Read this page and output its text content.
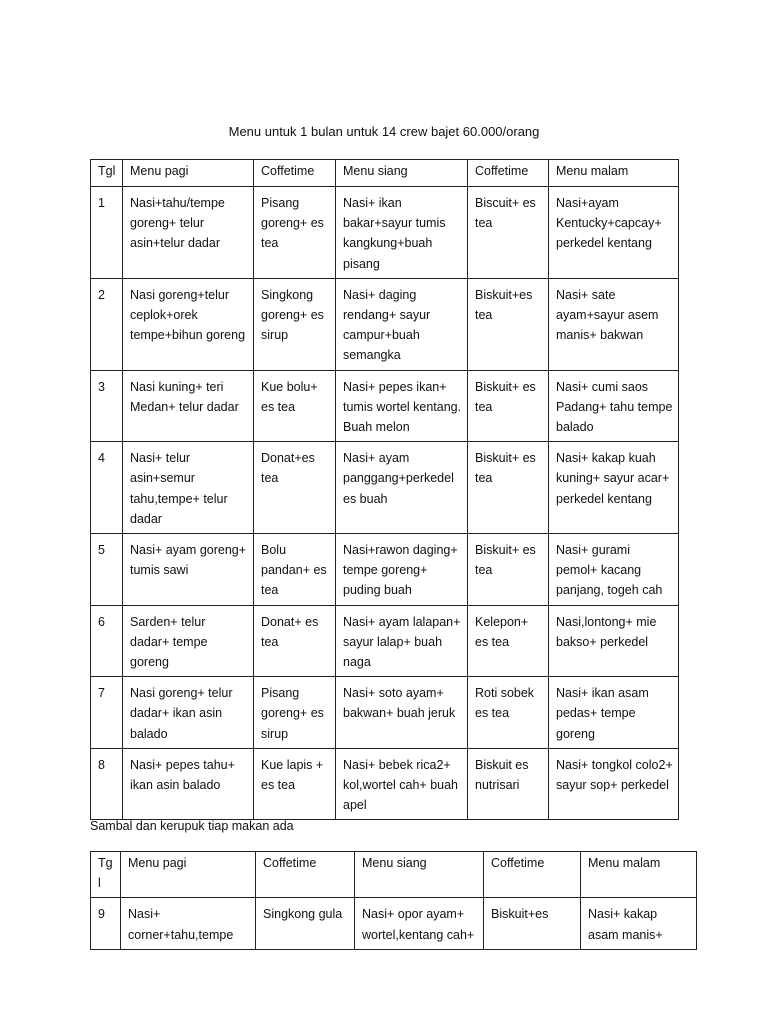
Menu untuk 1 bulan untuk 14 crew bajet 60.000/orang
Tgl	Menu pagi	Coffetime	Menu siang	Coffetime	Menu malam
1	Nasi+tahu/tempe goreng+ telur asin+telur dadar	Pisang goreng+ es tea	Nasi+ ikan bakar+sayur tumis kangkung+buah pisang	Biscuit+ es tea	Nasi+ayam Kentucky+capcay+ perkedel kentang
2	Nasi goreng+telur ceplok+orek tempe+bihun goreng	Singkong goreng+ es sirup	Nasi+ daging rendang+ sayur campur+buah semangka	Biskuit+es tea	Nasi+ sate ayam+sayur asem manis+ bakwan
3	Nasi kuning+ teri Medan+ telur dadar	Kue bolu+ es tea	Nasi+ pepes ikan+ tumis wortel kentang. Buah melon	Biskuit+ es tea	Nasi+ cumi saos Padang+ tahu tempe balado
4	Nasi+ telur asin+semur tahu,tempe+ telur dadar	Donat+es tea	Nasi+ ayam panggang+perkedel es buah	Biskuit+ es tea	Nasi+ kakap kuah kuning+ sayur acar+ perkedel kentang
5	Nasi+ ayam goreng+ tumis sawi	Bolu pandan+ es tea	Nasi+rawon daging+ tempe goreng+ puding buah	Biskuit+ es tea	Nasi+ gurami pemol+ kacang panjang, togeh cah
6	Sarden+ telur dadar+ tempe goreng	Donat+ es tea	Nasi+ ayam lalapan+ sayur lalap+ buah naga	Kelepon+ es tea	Nasi,lontong+ mie bakso+ perkedel
7	Nasi goreng+ telur dadar+ ikan asin balado	Pisang goreng+ es sirup	Nasi+ soto ayam+ bakwan+ buah jeruk	Roti sobek es tea	Nasi+ ikan asam pedas+ tempe goreng
8	Nasi+ pepes tahu+ ikan asin balado	Kue lapis + es tea	Nasi+ bebek rica2+ kol,wortel cah+ buah apel	Biskuit es nutrisari	Nasi+ tongkol colo2+ sayur sop+ perkedel
Sambal dan kerupuk tiap makan ada
Tgl	Menu pagi	Coffetime	Menu siang	Coffetime	Menu malam
9	Nasi+ corner+tahu,tempe	Singkong gula	Nasi+ opor ayam+ wortel,kentang cah+	Biskuit+es	Nasi+ kakap asam manis+
